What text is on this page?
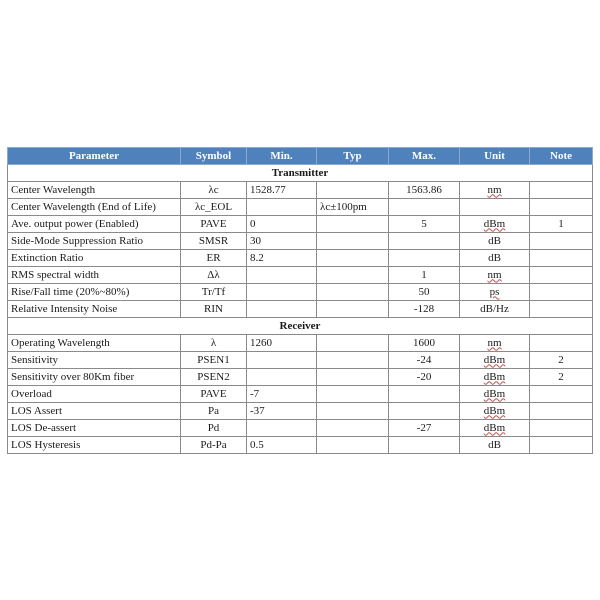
Parameter	Symbol	Min.	Typ	Max.	Unit	Note
Transmitter						
Center Wavelength	λc	1528.77		1563.86	nm	
Center Wavelength (End of Life)	λc_EOL		λc±100pm			
Ave. output power (Enabled)	PAVE	0		5	dBm	1
Side-Mode Suppression Ratio	SMSR	30			dB	
Extinction Ratio	ER	8.2			dB	
RMS spectral width	Δλ			1	nm	
Rise/Fall time (20%~80%)	Tr/Tf			50	ps	
Relative Intensity Noise	RIN			-128	dB/Hz	
Receiver						
Operating Wavelength	λ	1260		1600	nm	
Sensitivity	PSEN1			-24	dBm	2
Sensitivity over 80Km fiber	PSEN2			-20	dBm	2
Overload	PAVE	-7			dBm	
LOS Assert	Pa	-37			dBm	
LOS De-assert	Pd			-27	dBm	
LOS Hysteresis	Pd-Pa	0.5			dB	
